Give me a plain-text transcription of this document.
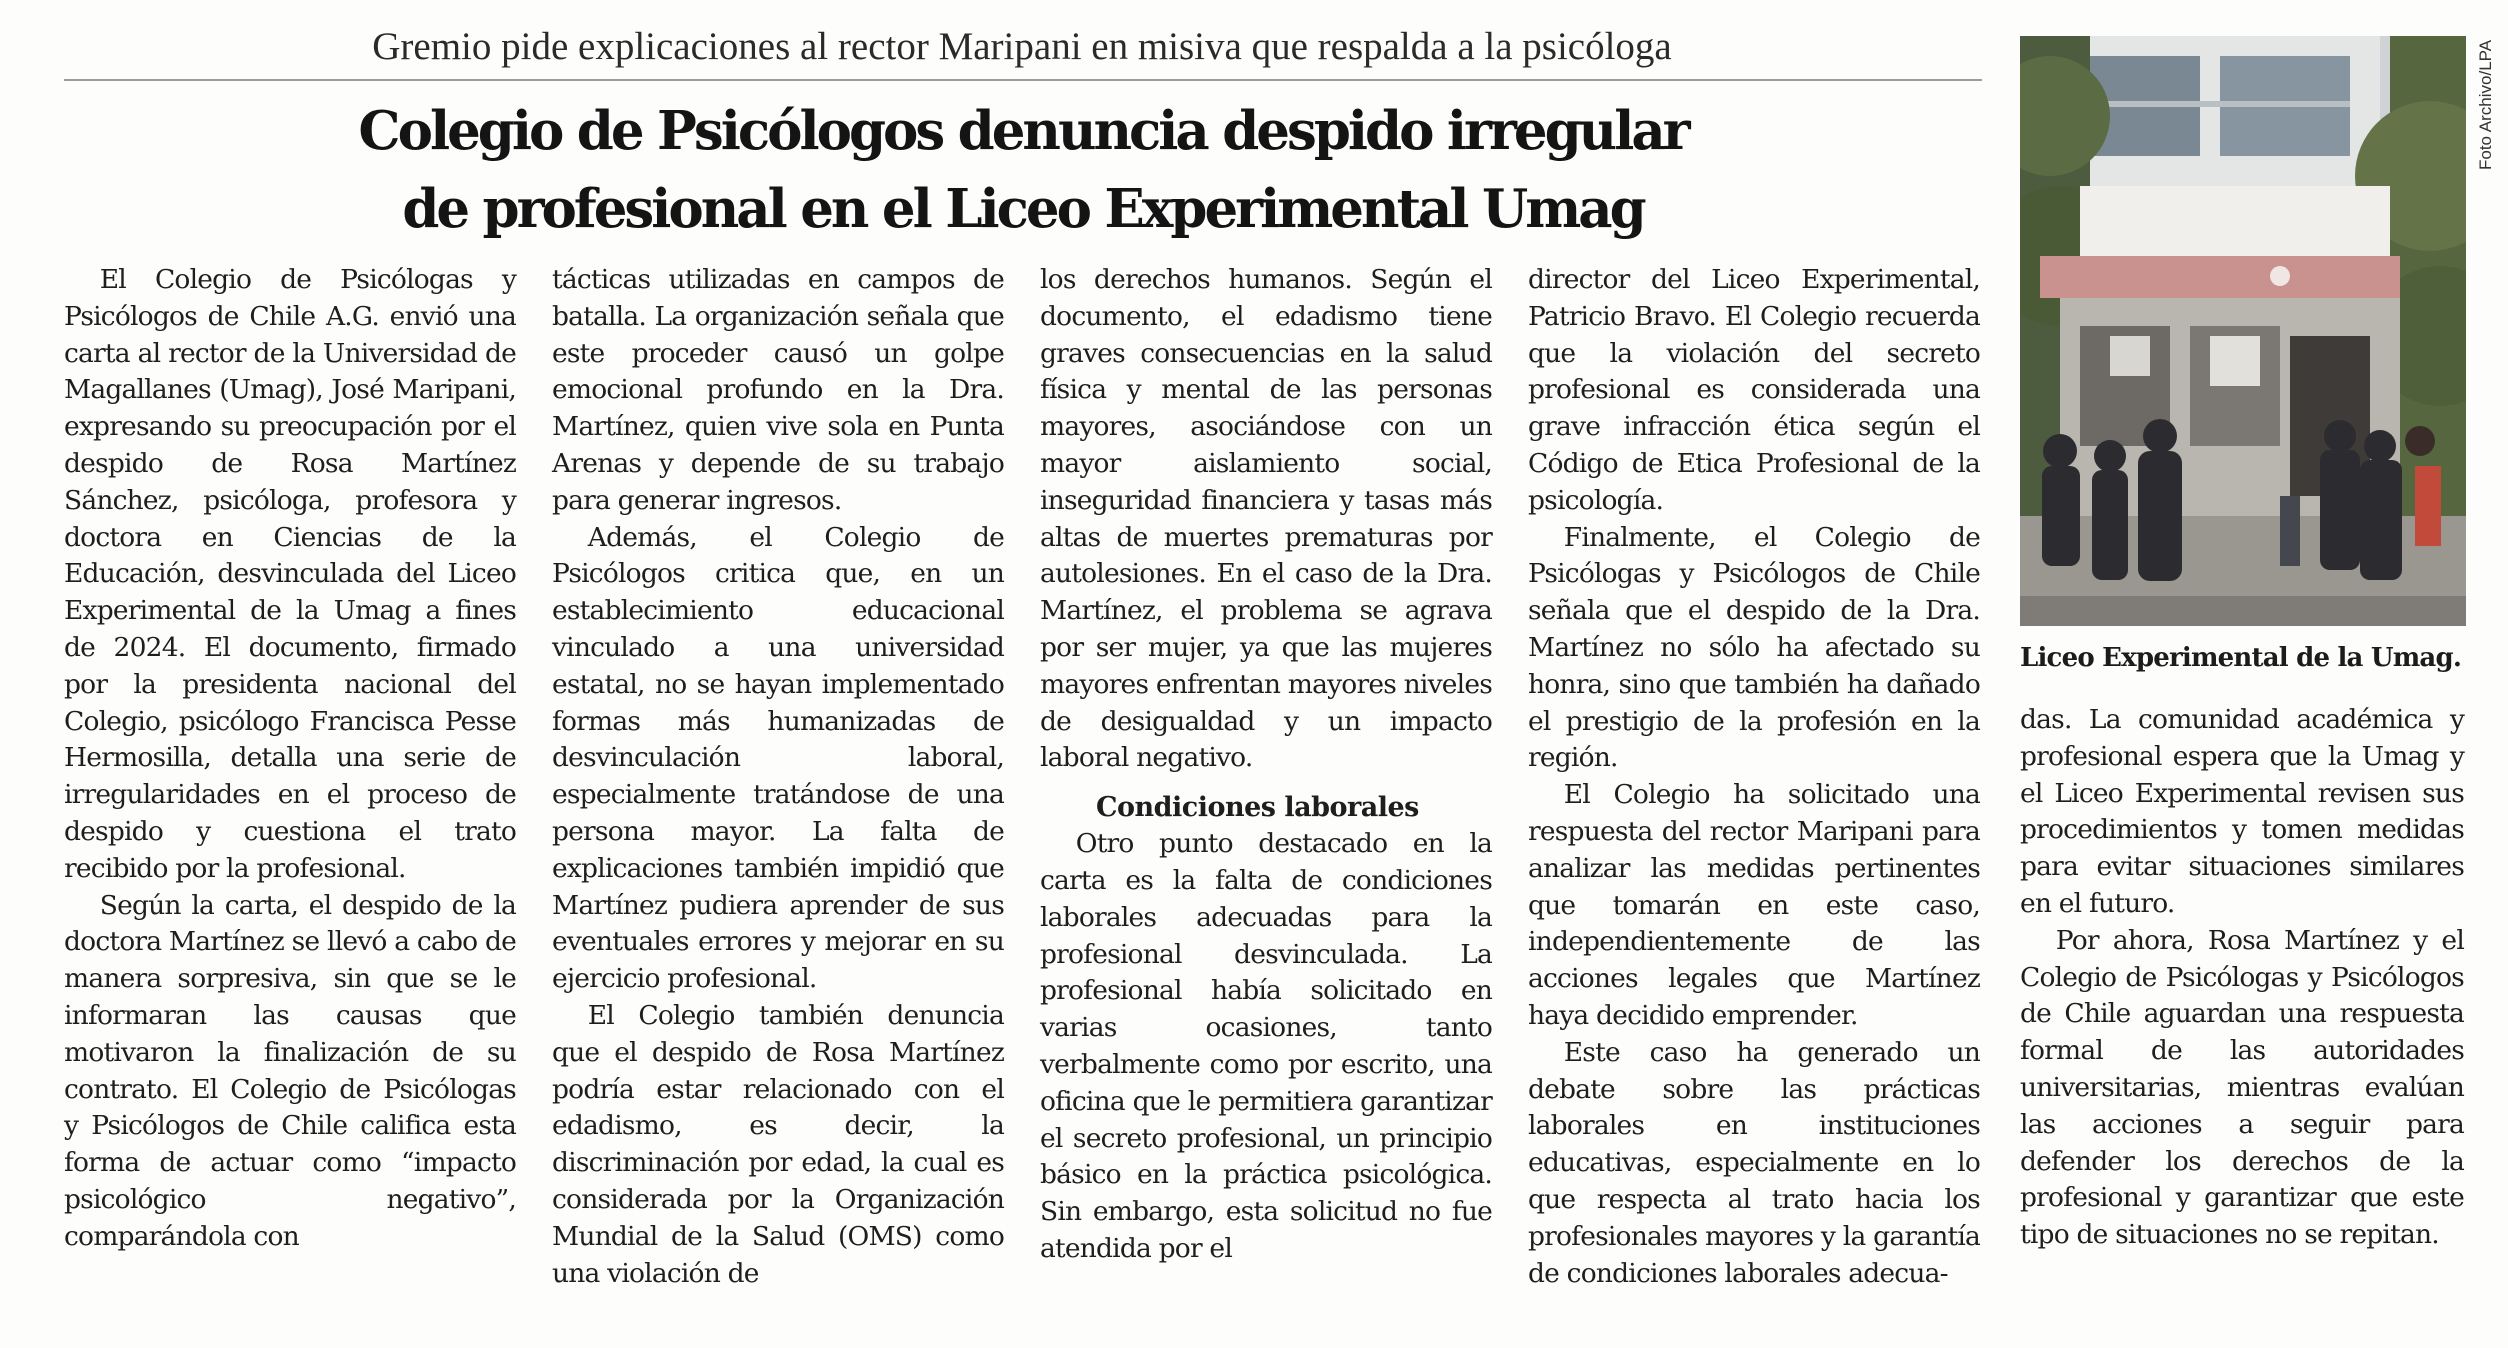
Gremio pide explicaciones al rector Maripani en misiva que respalda a la psicóloga
Colegio de Psicólogos denuncia despido irregular
de profesional en el Liceo Experimental Umag

El Colegio de Psicólogas y Psicólogos de Chile A.G. envió una carta al rector de la Universidad de Magallanes (Umag), José Maripani, expresando su preocupación por el despido de Rosa Martínez Sánchez, psicóloga, profesora y doctora en Ciencias de la Educación, desvinculada del Liceo Experimental de la Umag a fines de 2024. El documento, firmado por la presidenta nacional del Colegio, psicólogo Francisca Pesse Hermosilla, detalla una serie de irregularidades en el proceso de despido y cuestiona el trato recibido por la profesional.

Según la carta, el despido de la doctora Martínez se llevó a cabo de manera sorpresiva, sin que se le informaran las causas que motivaron la finalización de su contrato. El Colegio de Psicólogas y Psicólogos de Chile califica esta forma de actuar como “impacto psicológico negativo”, comparándola con

tácticas utilizadas en campos de batalla. La organización señala que este proceder causó un golpe emocional profundo en la Dra. Martínez, quien vive sola en Punta Arenas y depende de su trabajo para generar ingresos.

Además, el Colegio de Psicólogos critica que, en un establecimiento educacional vinculado a una universidad estatal, no se hayan implementado formas más humanizadas de desvinculación laboral, especialmente tratándose de una persona mayor. La falta de explicaciones también impidió que Martínez pudiera aprender de sus eventuales errores y mejorar en su ejercicio profesional.

El Colegio también denuncia que el despido de Rosa Martínez podría estar relacionado con el edadismo, es decir, la discriminación por edad, la cual es considerada por la Organización Mundial de la Salud (OMS) como una violación de

los derechos humanos. Según el documento, el edadismo tiene graves consecuencias en la salud física y mental de las personas mayores, asociándose con un mayor aislamiento social, inseguridad financiera y tasas más altas de muertes prematuras por autolesiones. En el caso de la Dra. Martínez, el problema se agrava por ser mujer, ya que las mujeres mayores enfrentan mayores niveles de desigualdad y un impacto laboral negativo.

Condiciones laborales

Otro punto destacado en la carta es la falta de condiciones laborales adecuadas para la profesional desvinculada. La profesional había solicitado en varias ocasiones, tanto verbalmente como por escrito, una oficina que le permitiera garantizar el secreto profesional, un principio básico en la práctica psicológica. Sin embargo, esta solicitud no fue atendida por el

director del Liceo Experimental, Patricio Bravo. El Colegio recuerda que la violación del secreto profesional es considerada una grave infracción ética según el Código de Etica Profesional de la psicología.

Finalmente, el Colegio de Psicólogas y Psicólogos de Chile señala que el despido de la Dra. Martínez no sólo ha afectado su honra, sino que también ha dañado el prestigio de la profesión en la región.

El Colegio ha solicitado una respuesta del rector Maripani para analizar las medidas pertinentes que tomarán en este caso, independientemente de las acciones legales que Martínez haya decidido emprender.

Este caso ha generado un debate sobre las prácticas laborales en instituciones educativas, especialmente en lo que respecta al trato hacia los profesionales mayores y la garantía de condiciones laborales adecua-

Foto Archivo/LPA
Liceo Experimental de la Umag.

das. La comunidad académica y profesional espera que la Umag y el Liceo Experimental revisen sus procedimientos y tomen medidas para evitar situaciones similares en el futuro.

Por ahora, Rosa Martínez y el Colegio de Psicólogas y Psicólogos de Chile aguardan una respuesta formal de las autoridades universitarias, mientras evalúan las acciones a seguir para defender los derechos de la profesional y garantizar que este tipo de situaciones no se repitan.
